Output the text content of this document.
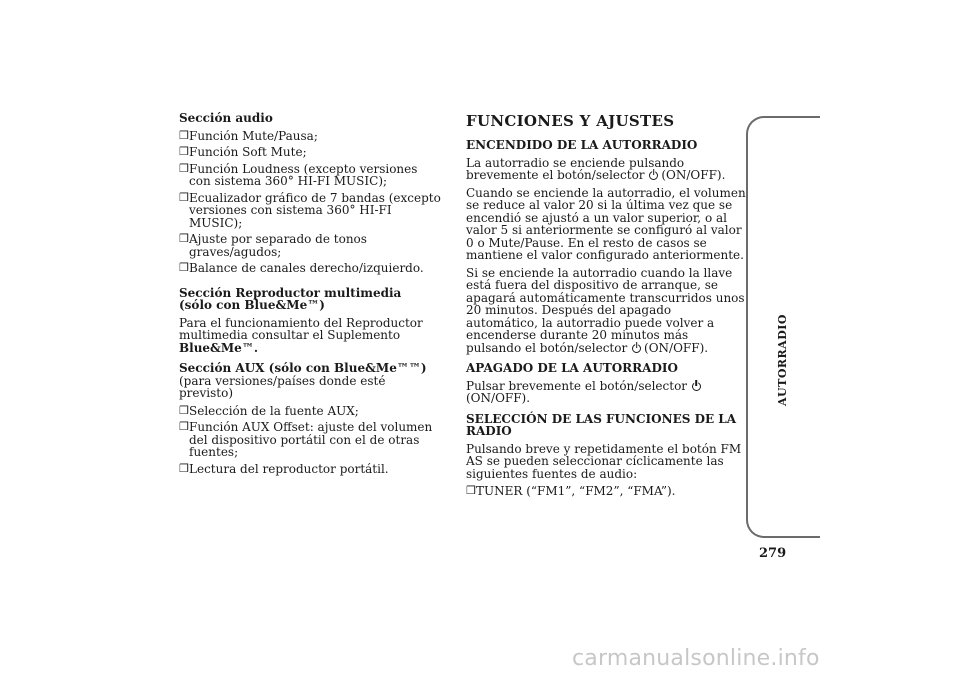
Sección audio

❒ Función Mute/Pausa;
❒ Función Soft Mute;
❒ Función Loudness (excepto versiones con sistema 360° HI-FI MUSIC);
❒ Ecualizador gráfico de 7 bandas (excepto versiones con sistema 360° HI-FI MUSIC);
❒ Ajuste por separado de tonos graves/agudos;
❒ Balance de canales derecho/izquierdo.

Sección Reproductor multimedia

(sólo con Blue&Me™)

Para el funcionamiento del Reproductor multimedia consultar el Suplemento
Blue&Me™.

Sección AUX (sólo con Blue&Me™™)

(para versiones/países donde esté previsto)

❒ Selección de la fuente AUX;
❒ Función AUX Offset: ajuste del volumen del dispositivo portátil con el de otras fuentes;
❒ Lectura del reproductor portátil.

FUNCIONES Y AJUSTES

ENCENDIDO DE LA AUTORRADIO

La autorradio se enciende pulsando brevemente el botón/selector (ON/OFF).

Cuando se enciende la autorradio, el volumen se reduce al valor 20 si la última vez que se encendió se ajustó a un valor superior, o al valor 5 si anteriormente se configuró al valor 0 o Mute/Pause. En el resto de casos se mantiene el valor configurado anteriormente.

Si se enciende la autorradio cuando la llave está fuera del dispositivo de arranque, se apagará automáticamente transcurridos unos 20 minutos. Después del apagado automático, la autorradio puede volver a encenderse durante 20 minutos más pulsando el botón/selector (ON/OFF).

APAGADO DE LA AUTORRADIO

Pulsar brevemente el botón/selector (ON/OFF).

SELECCIÓN DE LAS FUNCIONES DE LA RADIO

Pulsando breve y repetidamente el botón FM AS se pueden seleccionar cíclicamente las siguientes fuentes de audio:

❒ TUNER (“FM1”, “FM2”, “FMA”).
AUTORRADIO
279
carmanualsonline.info
